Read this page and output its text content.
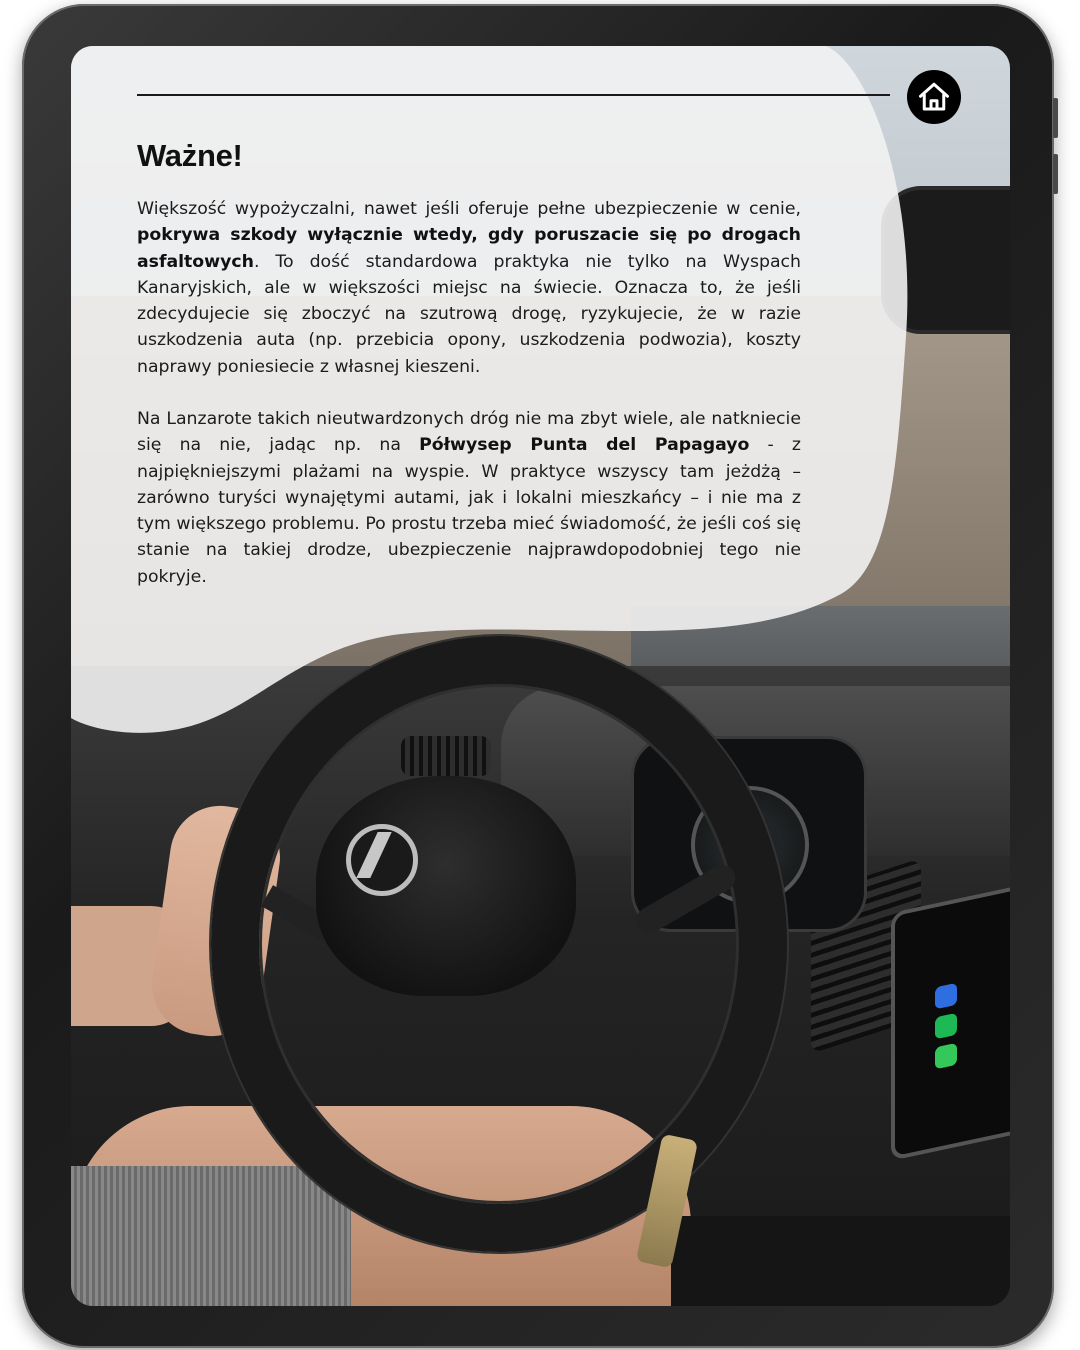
Ważne!

Większość wypożyczalni, nawet jeśli oferuje pełne ubezpieczenie w cenie, pokrywa szkody wyłącznie wtedy, gdy poruszacie się po drogach asfaltowych. To dość standardowa praktyka nie tylko na Wyspach Kanaryjskich, ale w większości miejsc na świecie. Oznacza to, że jeśli zdecydujecie się zboczyć na szutrową drogę, ryzykujecie, że w razie uszkodzenia auta (np. przebicia opony, uszkodzenia podwozia), koszty naprawy poniesiecie z własnej kieszeni.

Na Lanzarote takich nieutwardzonych dróg nie ma zbyt wiele, ale natkniecie się na nie, jadąc np. na Półwysep Punta del Papagayo - z najpiękniejszymi plażami na wyspie. W praktyce wszyscy tam jeżdżą – zarówno turyści wynajętymi autami, jak i lokalni mieszkańcy – i nie ma z tym większego problemu. Po prostu trzeba mieć świadomość, że jeśli coś się stanie na takiej drodze, ubezpieczenie najprawdopodobniej tego nie pokryje.
